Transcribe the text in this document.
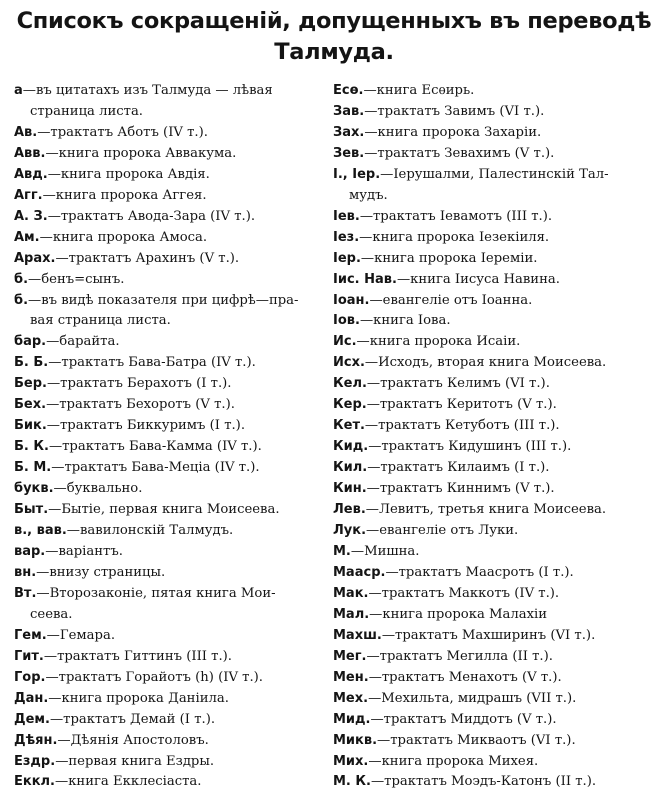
Списокъ сокращеній, допущенныхъ въ переводѣ
Талмуда.
а—въ цитатахъ изъ Талмуда — лѣвая
страница листа.
Ав.—трактатъ Аботъ (IV т.).
Авв.—книга пророка Аввакума.
Авд.—книга пророка Авдія.
Агг.—книга пророка Аггея.
А. З.—трактатъ Авода-Зара (IV т.).
Ам.—книга пророка Амоса.
Арах.—трактатъ Арахинъ (V т.).
б.—бенъ=сынъ.
б.—въ видѣ показателя при цифрѣ—пра-
вая страница листа.
бар.—барайта.
Б. Б.—трактатъ Бава-Батра (IV т.).
Бер.—трактатъ Берахотъ (I т.).
Бех.—трактатъ Бехоротъ (V т.).
Бик.—трактатъ Биккуримъ (I т.).
Б. К.—трактатъ Бава-Камма (IV т.).
Б. М.—трактатъ Бава-Меціа (IV т.).
букв.—буквально.
Быт.—Бытіе, первая книга Моисеева.
в., вав.—вавилонскій Талмудъ.
вар.—варіантъ.
вн.—внизу страницы.
Вт.—Второзаконіе, пятая книга Мои-
сеева.
Гем.—Гемара.
Гит.—трактатъ Гиттинъ (III т.).
Гор.—трактатъ Горайотъ (h) (IV т.).
Дан.—книга пророка Даніила.
Дем.—трактатъ Демай (I т.).
Дѣян.—Дѣянія Апостоловъ.
Ездр.—первая книга Ездры.
Еккл.—книга Екклесіаста.
Есѳ.—книга Есѳирь.
Зав.—трактатъ Завимъ (VI т.).
Зах.—книга пророка Захаріи.
Зев.—трактатъ Зевахимъ (V т.).
І., Іер.—Іерушалми, Палестинскій Тал-
мудъ.
Іев.—трактатъ Іевамотъ (III т.).
Іез.—книга пророка Іезекіиля.
Іер.—книга пророка Іереміи.
Іис. Нав.—книга Іисуса Навина.
Іоан.—евангеліе отъ Іоанна.
Іов.—книга Іова.
Ис.—книга пророка Исаіи.
Исх.—Исходъ, вторая книга Моисеева.
Кел.—трактатъ Келимъ (VI т.).
Кер.—трактатъ Керитотъ (V т.).
Кет.—трактатъ Кетуботъ (III т.).
Кид.—трактатъ Кидушинъ (III т.).
Кил.—трактатъ Килаимъ (I т.).
Кин.—трактатъ Киннимъ (V т.).
Лев.—Левитъ, третья книга Моисеева.
Лук.—евангеліе отъ Луки.
М.—Мишна.
Мааср.—трактатъ Маасротъ (I т.).
Мак.—трактатъ Маккотъ (IV т.).
Мал.—книга пророка Малахіи
Махш.—трактатъ Махширинъ (VI т.).
Мег.—трактатъ Мегилла (II т.).
Мен.—трактатъ Менахотъ (V т.).
Мех.—Мехильта, мидрашъ (VII т.).
Мид.—трактатъ Миддотъ (V т.).
Микв.—трактатъ Микваотъ (VI т.).
Мих.—книга пророка Михея.
М. К.—трактатъ Моэдъ-Катонъ (II т.).
